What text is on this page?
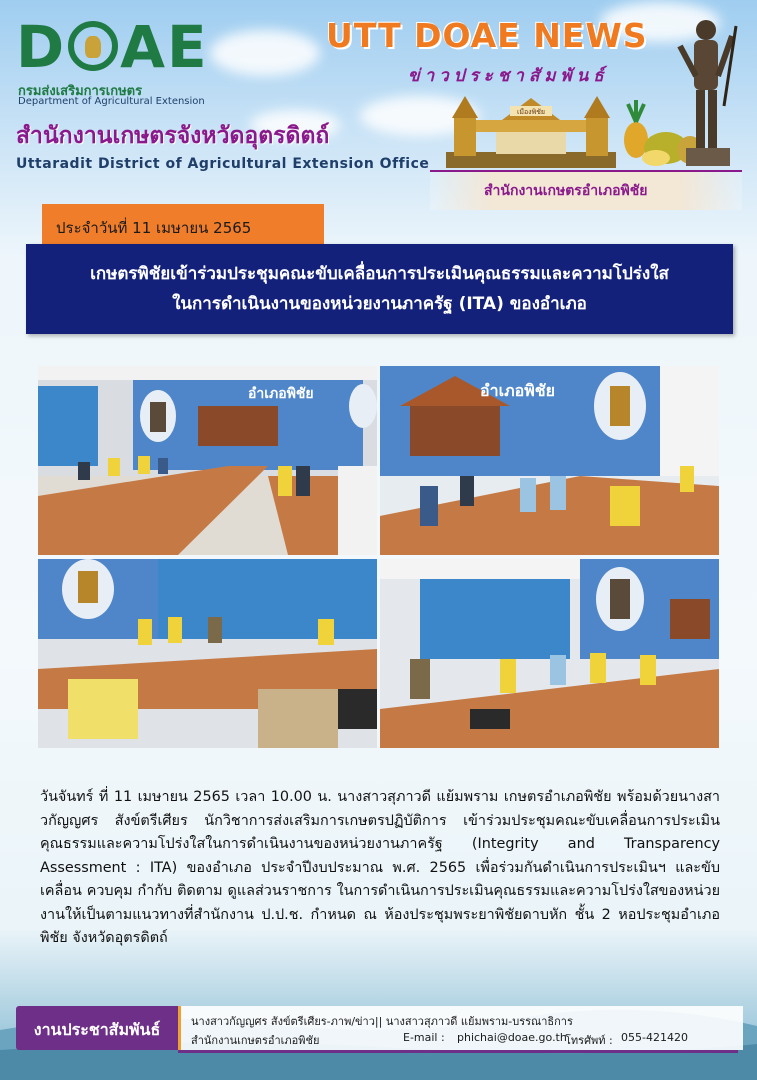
D AE
กรมส่งเสริมการเกษตร
Department of Agricultural Extension
UTT DOAE NEWS
ข่าวประชาสัมพันธ์
สำนักงานเกษตรจังหวัดอุตรดิตถ์
Uttaradit District of Agricultural Extension Office
เมืองพิชัย
สำนักงานเกษตรอำเภอพิชัย
ประจำวันที่ 11 เมษายน 2565
เกษตรพิชัยเข้าร่วมประชุมคณะขับเคลื่อนการประเมินคุณธรรมและความโปร่งใส
ในการดำเนินงานของหน่วยงานภาครัฐ (ITA) ของอำเภอ
อำเภอพิชัย	อำเภอพิชัย

วันจันทร์ ที่ 11 เมษายน 2565 เวลา 10.00 น. นางสาวสุภาวดี แย้มพราม เกษตรอำเภอพิชัย พร้อมด้วยนางสาวกัญญศร สังข์ตรีเศียร นักวิชาการส่งเสริมการเกษตรปฏิบัติการ เข้าร่วมประชุมคณะขับเคลื่อนการประเมินคุณธรรมและความโปร่งใสในการดำเนินงานของหน่วยงานภาครัฐ (Integrity and Transparency Assessment : ITA) ของอำเภอ ประจำปีงบประมาณ พ.ศ. 2565 เพื่อร่วมกันดำเนินการประเมินฯ และขับเคลื่อน ควบคุม กำกับ ติดตาม ดูแลส่วนราชการ ในการดำเนินการประเมินคุณธรรมและความโปร่งใสของหน่วยงานให้เป็นตามแนวทางที่สำนักงาน ป.ป.ช. กำหนด ณ ห้องประชุมพระยาพิชัยดาบหัก ชั้น 2 หอประชุมอำเภอพิชัย จังหวัดอุตรดิตถ์

งานประชาสัมพันธ์	นางสาวกัญญศร สังข์ตรีเศียร-ภาพ/ข่าว|| นางสาวสุภาวดี แย้มพราม-บรรณาธิการ
สำนักงานเกษตรอำเภอพิชัย	E-mail : phichai@doae.go.th
โทรศัพท์ : 055-421420
